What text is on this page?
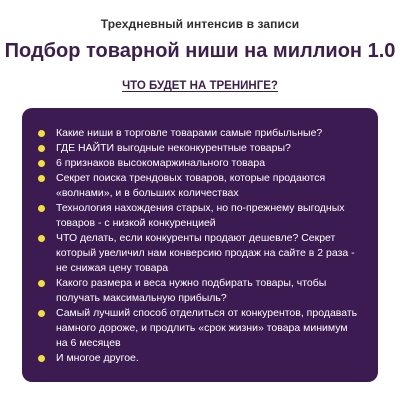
Трехдневный интенсив в записи
Подбор товарной ниши на миллион 1.0
ЧТО БУДЕТ НА ТРЕНИНГЕ?
Какие ниши в торговле товарами самые прибыльные?
ГДЕ НАЙТИ выгодные неконкурентные товары?
6 признаков высокомаржинального товара
Секрет поиска трендовых товаров, которые продаются «волнами», и в больших количествах
Технология нахождения старых, но по-прежнему выгодных товаров - с низкой конкуренцией
ЧТО делать, если конкуренты продают дешевле? Секрет который увеличил нам конверсию продаж на сайте в 2 раза - не снижая цену товара
Какого размера и веса нужно подбирать товары, чтобы получать максимальную прибыль?
Самый лучший способ отделиться от конкурентов, продавать намного дороже, и продлить «срок жизни» товара минимум на 6 месяцев
И многое другое.
